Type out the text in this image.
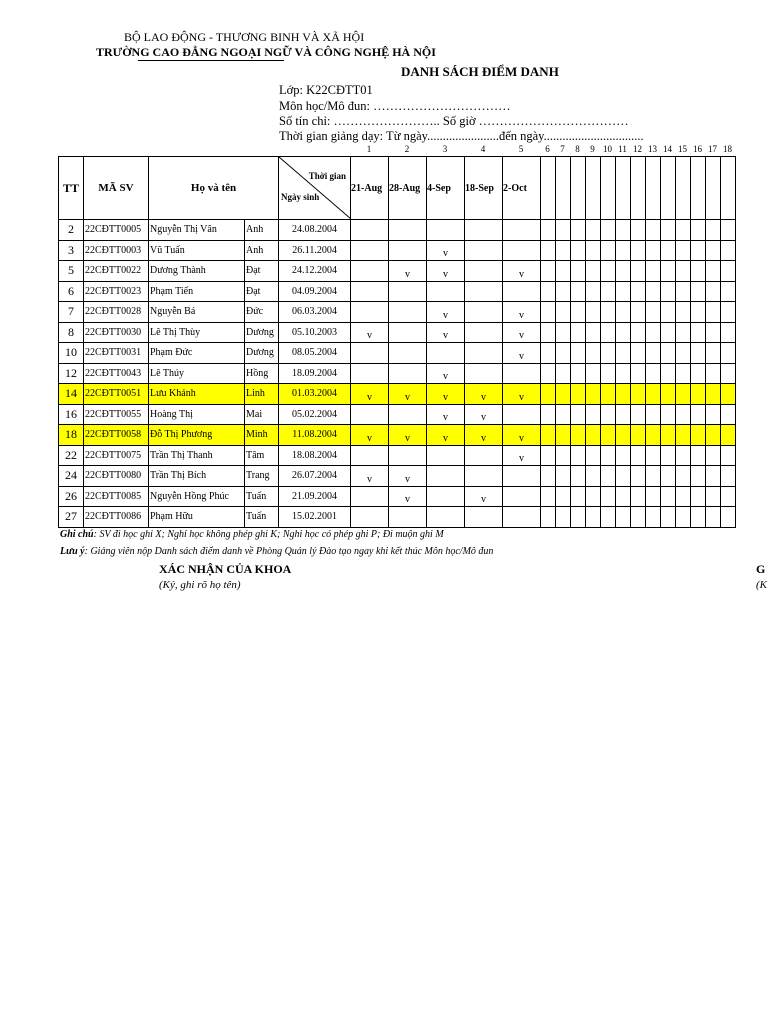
BỘ LAO ĐỘNG - THƯƠNG BINH VÀ XÃ HỘI
TRƯỜNG CAO ĐẲNG NGOẠI NGỮ VÀ CÔNG NGHỆ HÀ NỘI
DANH SÁCH ĐIỂM DANH
Lớp: K22CĐTT01
Môn học/Mô đun: ……………………………
Số tín chỉ: …………………….. Số giờ ………………………………
Thời gian giảng dạy: Từ ngày.......................đến ngày................................
1	2	3	4	5	6	7	8	9 10 11 12 13 14 15 16 17 18
TT	MÃ SV	Họ và tên		Thời gian
Ngày sinh	21-Aug	28-Aug	4-Sep	18-Sep	2-Oct													
2	22CĐTT0005	Nguyễn Thị Vân	Anh	24.08.2004																		
3	22CĐTT0003	Vũ Tuấn	Anh	26.11.2004			v															
5	22CĐTT0022	Dương Thành	Đạt	24.12.2004		v	v		v													
6	22CĐTT0023	Phạm Tiến	Đạt	04.09.2004																		
7	22CĐTT0028	Nguyễn Bá	Đức	06.03.2004			v		v													
8	22CĐTT0030	Lê Thị Thùy	Dương	05.10.2003	v		v		v													
10	22CĐTT0031	Phạm Đức	Dương	08.05.2004					v													
12	22CĐTT0043	Lê Thúy	Hồng	18.09.2004			v															
14	22CĐTT0051	Lưu Khánh	Linh	01.03.2004	v	v	v	v	v													
16	22CĐTT0055	Hoàng Thị	Mai	05.02.2004			v	v														
18	22CĐTT0058	Đỗ Thị Phương	Minh	11.08.2004	v	v	v	v	v													
22	22CĐTT0075	Trần Thị Thanh	Tâm	18.08.2004					v													
24	22CĐTT0080	Trần Thị Bích	Trang	26.07.2004	v	v																
26	22CĐTT0085	Nguyễn Hồng Phúc	Tuấn	21.09.2004		v		v														
27	22CĐTT0086	Phạm Hữu	Tuấn	15.02.2001																		
Ghi chú: SV đi học ghi X; Nghỉ học không phép ghi K; Nghỉ học có phép ghi P; Đi muộn ghi M
Lưu ý: Giảng viên nộp Danh sách điểm danh về Phòng Quản lý Đào tạo ngay khi kết thúc Môn học/Mô đun
XÁC NHẬN CỦA KHOA
(Ký, ghi rõ họ tên)
G
(K
